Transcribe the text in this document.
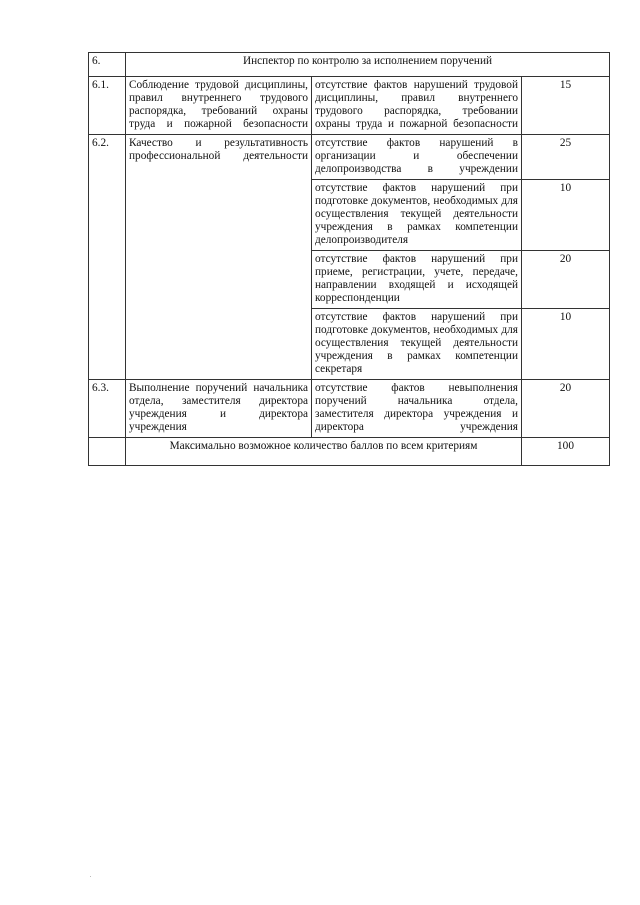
6.	Инспектор по контролю за исполнением поручений		
6.1.	Соблюдение трудовой дисциплины, правил внутреннего трудового распорядка, требований охраны труда и пожарной безопасности	отсутствие фактов нарушений трудовой дисциплины, правил внутреннего трудового распорядка, требовании охраны труда и пожарной безопасности	15
6.2.	Качество и результативность профессиональной деятельности	отсутствие фактов нарушений в организации и обеспечении делопроизводства в учреждении	25
		отсутствие фактов нарушений при подготовке документов, необходимых для осуществления текущей деятельности учреждения в рамках компетенции делопроизводителя	10
		отсутствие фактов нарушений при приеме, регистрации, учете, передаче, направлении входящей и исходящей корреспонденции	20
		отсутствие фактов нарушений при подготовке документов, необходимых для осуществления текущей деятельности учреждения в рамках компетенции секретаря	10
6.3.	Выполнение поручений начальника отдела, заместителя директора учреждения и директора учреждения	отсутствие фактов невыполнения поручений начальника отдела, заместителя директора учреждения и директора учреждения	20
	Максимально возможное количество баллов по всем критериям		100
